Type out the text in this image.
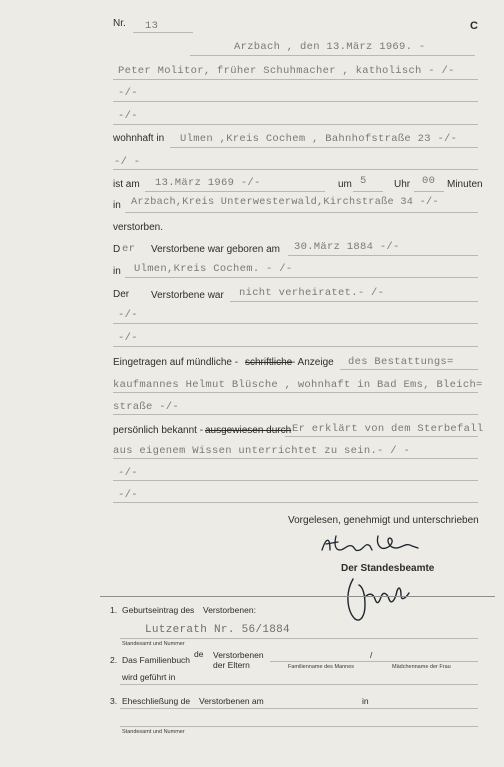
Nr. 13	C
Arzbach , den 13.März 1969. -
Peter Molitor, früher Schuhmacher , katholisch - /-
-/-
-/-
wohnhaft in Ulmen ,Kreis Cochem , Bahnhofstraße 23 -/-
-/ -
ist am 13.März 1969 -/-	um 5	Uhr 00 Minuten
in Arzbach,Kreis Unterwesterwald,Kirchstraße 34 -/-
verstorben.
D er Verstorbene war geboren am 30.März 1884 -/-
in Ulmen,Kreis Cochem. - /-
Der Verstorbene war nicht verheiratet.- /-
-/-
-/-
Eingetragen auf mündliche - schriftliche - Anzeige des Bestattungs=
kaufmannes Helmut Blüsche , wohnhaft in Bad Ems, Bleich=
straße -/-
persönlich bekannt - ausgewiesen durch Er erklärt von dem Sterbefall
aus eigenem Wissen unterrichtet zu sein.- / -
-/-
-/-
Vorgelesen, genehmigt und unterschrieben
Der Standesbeamte
1. Geburtseintrag des Verstorbenen:
Lutzerath Nr. 56/1884
Standesamt und Nummer
2. Das Familienbuch
de Verstorbenen
der Eltern
/
Familienname des Mannes	Mädchenname der Frau
wird geführt in
3. Eheschließung de Verstorbenen am	in
Standesamt und Nummer
